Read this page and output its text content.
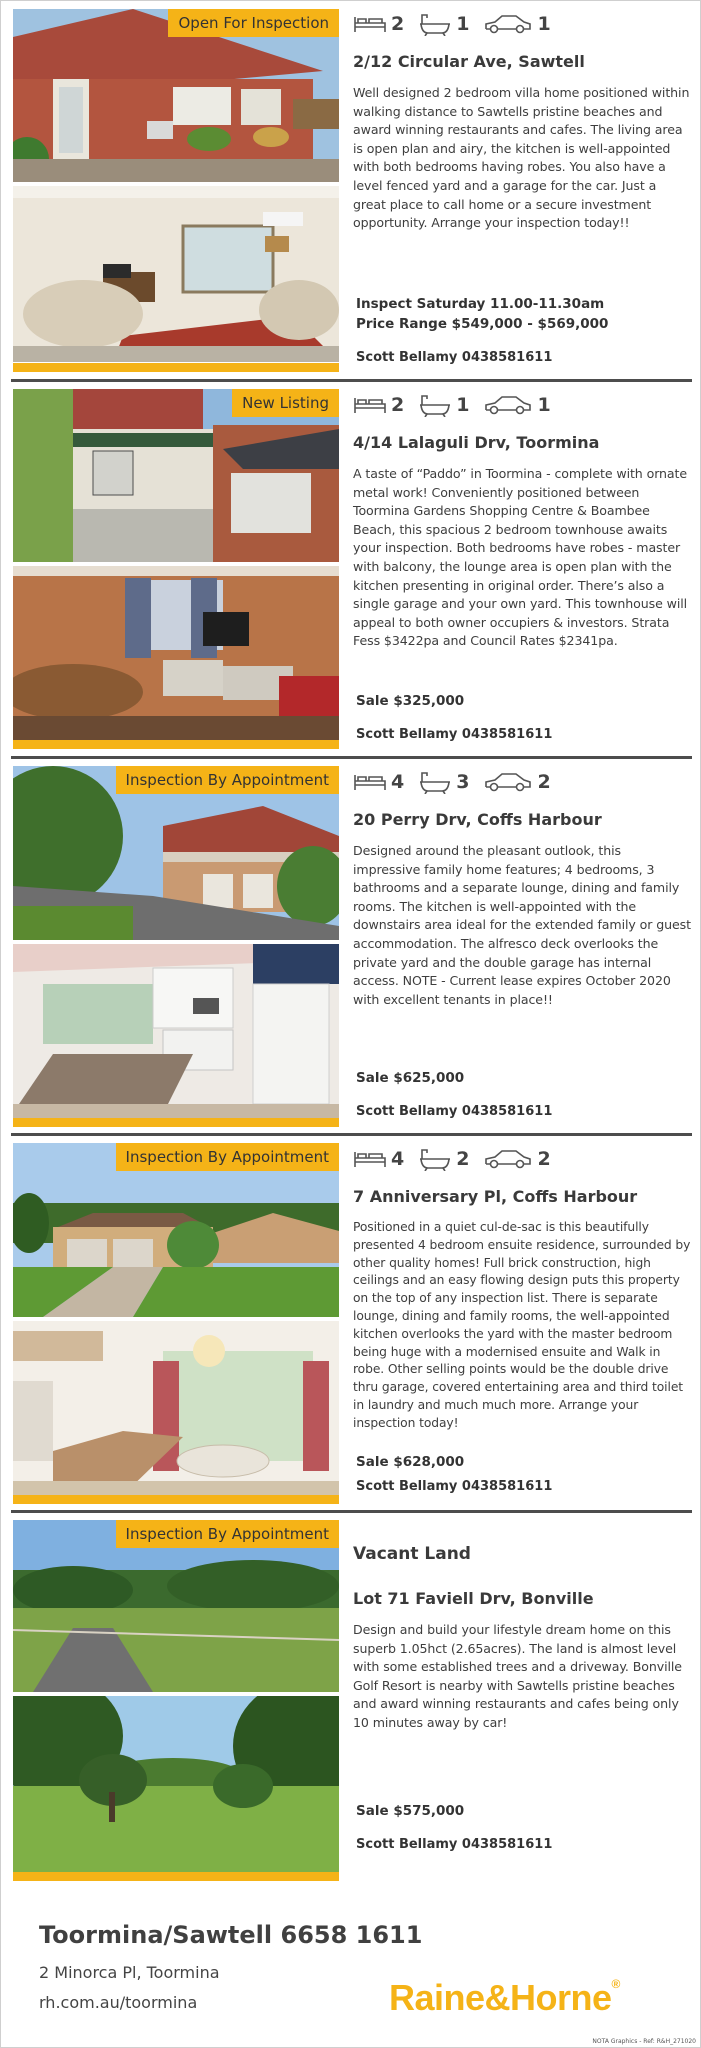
Open For Inspection	2	1	1
2/12 Circular Ave, Sawtell
Well designed 2 bedroom villa home positioned within walking distance to Sawtells pristine beaches and award winning restaurants and cafes. The living area is open plan and airy, the kitchen is well-appointed with both bedrooms having robes. You also have a level fenced yard and a garage for the car. Just a great place to call home or a secure investment opportunity. Arrange your inspection today!!
Inspect Saturday 11.00-11.30am
Price Range $549,000 - $569,000
Scott Bellamy 0438581611
New Listing	2	1	1
4/14 Lalaguli Drv, Toormina
A taste of “Paddo” in Toormina - complete with ornate metal work! Conveniently positioned between Toormina Gardens Shopping Centre & Boambee Beach, this spacious 2 bedroom townhouse awaits your inspection. Both bedrooms have robes - master with balcony, the lounge area is open plan with the kitchen presenting in original order. There’s also a single garage and your own yard. This townhouse will appeal to both owner occupiers & investors. Strata Fess $3422pa and Council Rates $2341pa.
Sale $325,000
Scott Bellamy 0438581611
Inspection By Appointment	4	3	2
20 Perry Drv, Coffs Harbour
Designed around the pleasant outlook, this impressive family home features; 4 bedrooms, 3 bathrooms and a separate lounge, dining and family rooms. The kitchen is well-appointed with the downstairs area ideal for the extended family or guest accommodation. The alfresco deck overlooks the private yard and the double garage has internal access. NOTE - Current lease expires October 2020 with excellent tenants in place!!
Sale $625,000
Scott Bellamy 0438581611
Inspection By Appointment	4	2	2
7 Anniversary Pl, Coffs Harbour
Positioned in a quiet cul-de-sac is this beautifully presented 4 bedroom ensuite residence, surrounded by other quality homes! Full brick construction, high ceilings and an easy flowing design puts this property on the top of any inspection list. There is separate lounge, dining and family rooms, the well-appointed kitchen overlooks the yard with the master bedroom being huge with a modernised ensuite and Walk in robe. Other selling points would be the double drive thru garage, covered entertaining area and third toilet in laundry and much much more. Arrange your inspection today!
Sale $628,000
Scott Bellamy 0438581611
Inspection By Appointment
Vacant Land
Lot 71 Faviell Drv, Bonville
Design and build your lifestyle dream home on this superb 1.05hct (2.65acres). The land is almost level with some established trees and a driveway. Bonville Golf Resort is nearby with Sawtells pristine beaches and award winning restaurants and cafes being only 10 minutes away by car!
Sale $575,000
Scott Bellamy 0438581611
Toormina/Sawtell 6658 1611
2 Minorca Pl, Toormina
rh.com.au/toormina	Raine&Horne®
NOTA Graphics - Ref: R&H_271020
